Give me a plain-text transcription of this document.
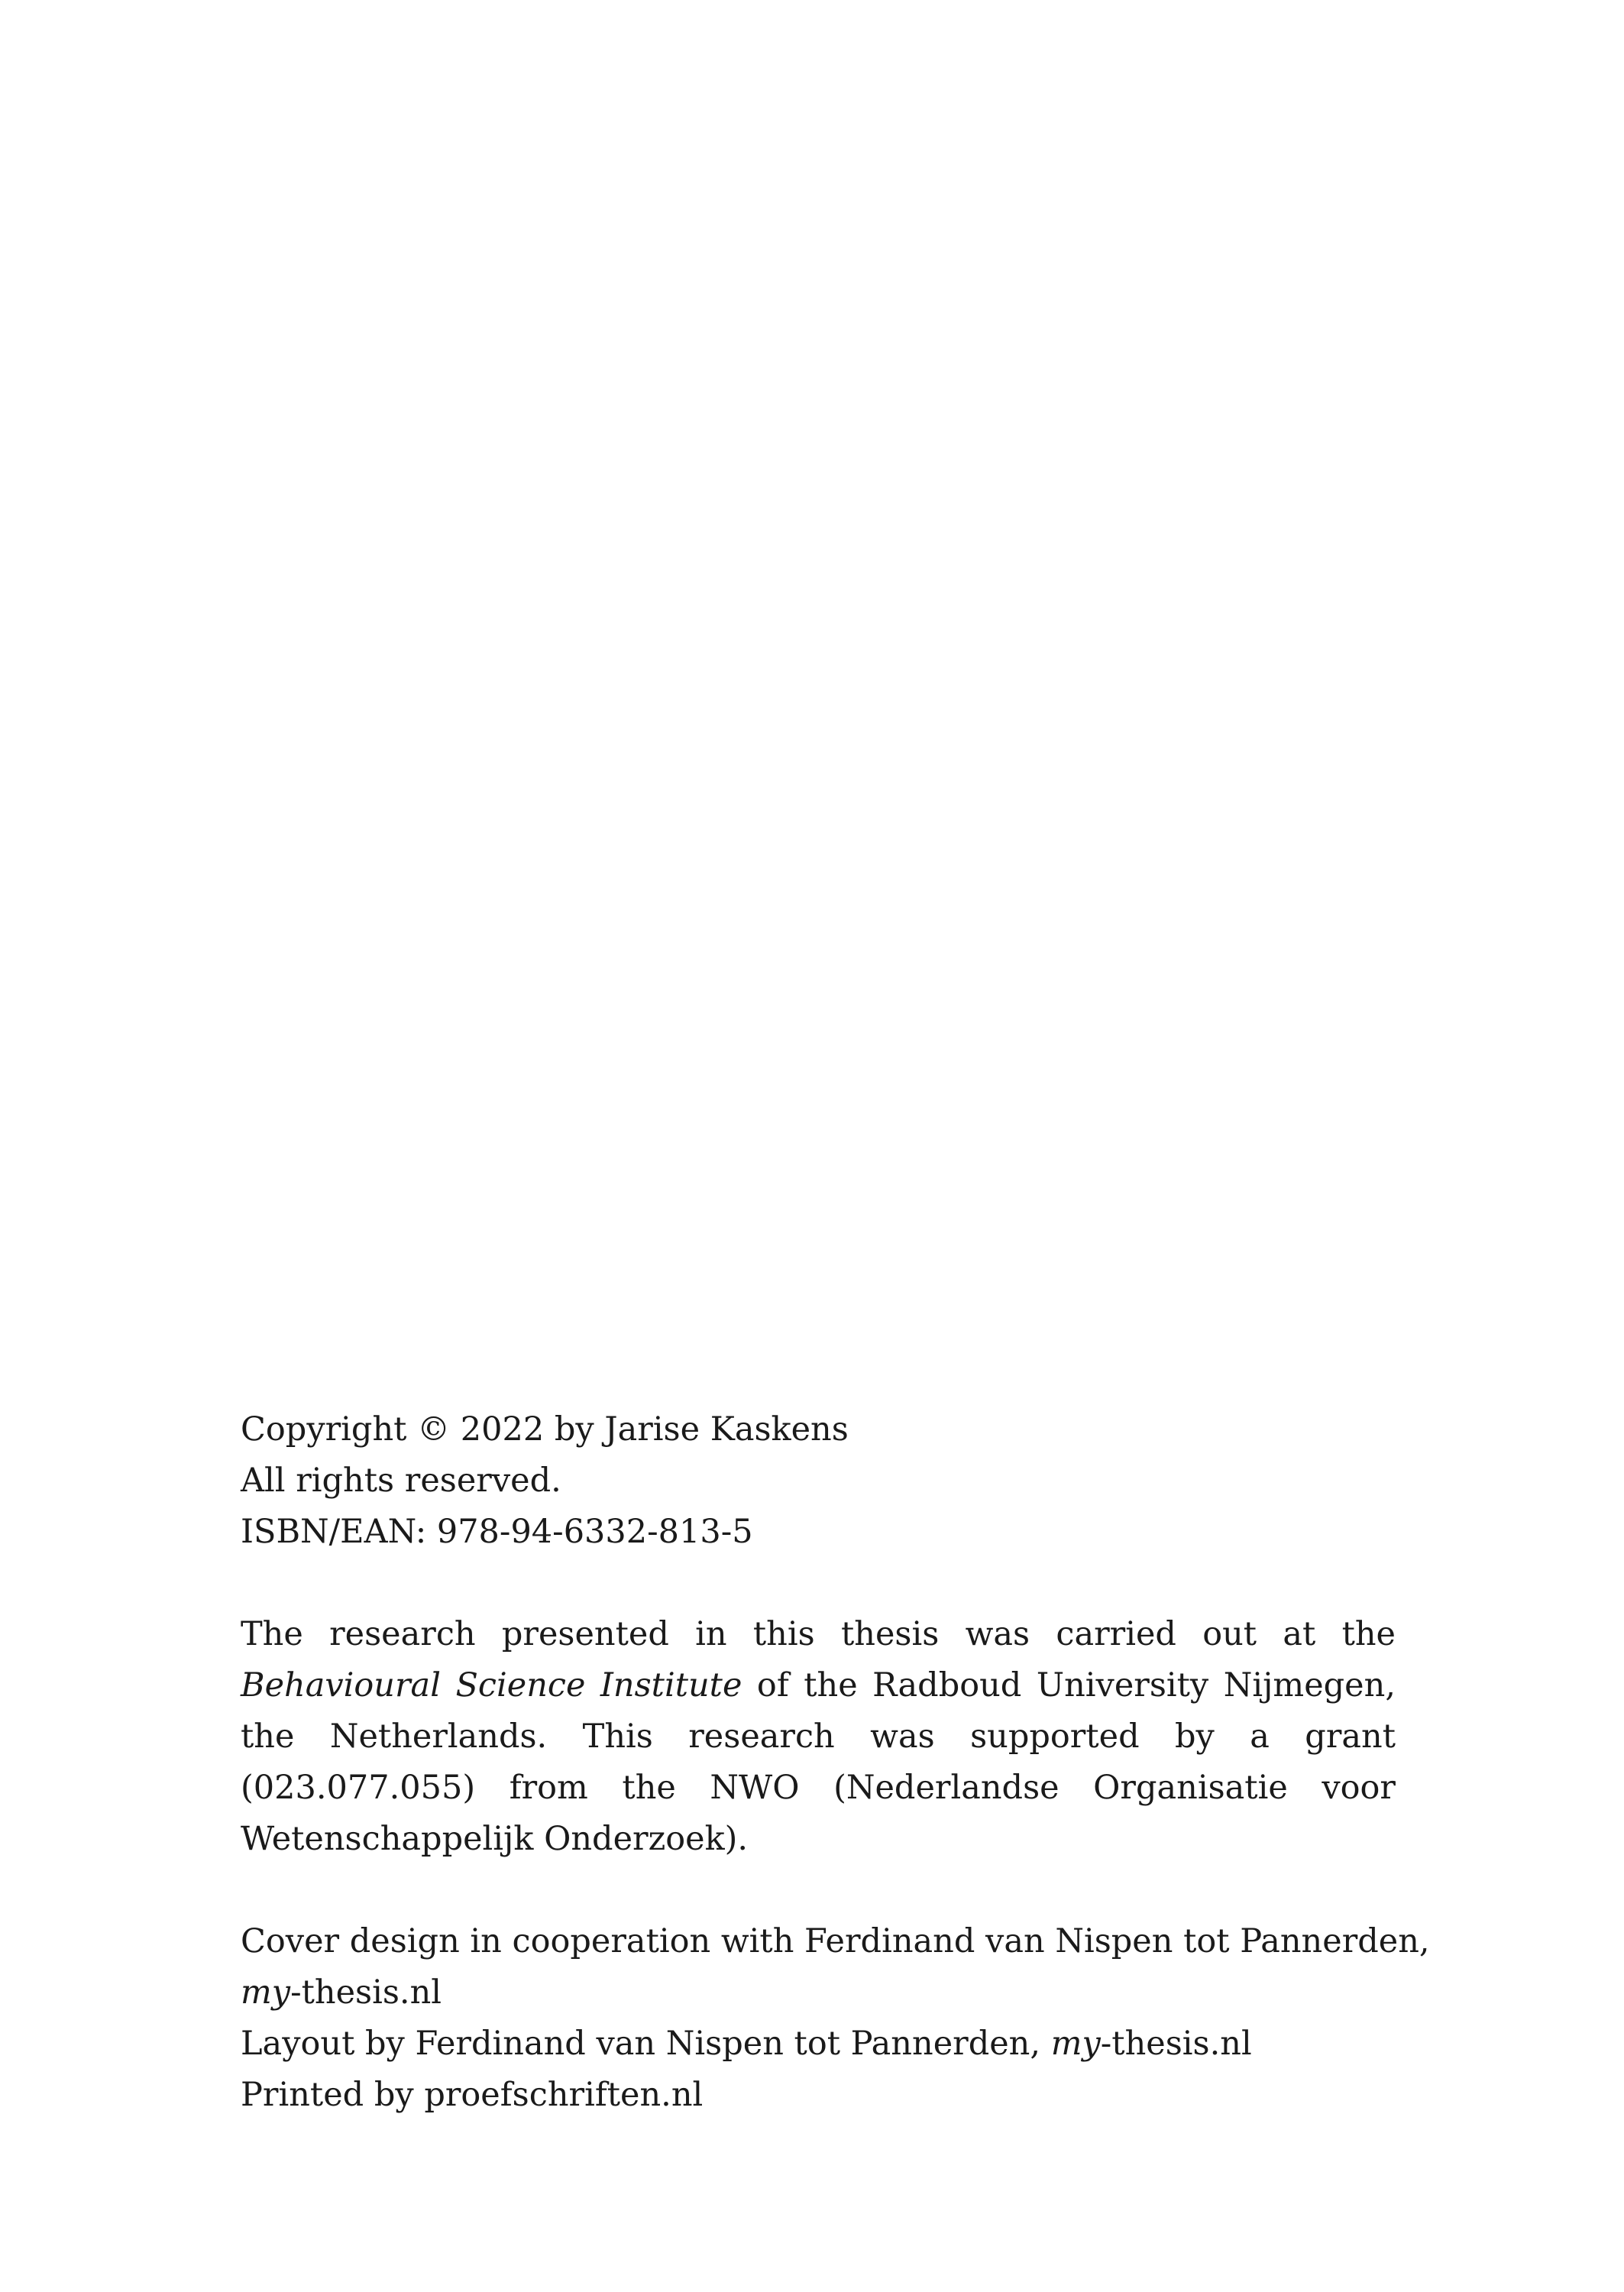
Copyright © 2022 by Jarise Kaskens
All rights reserved.
ISBN/EAN: 978-94-6332-813-5
The research presented in this thesis was carried out at the Behavioural Science Institute of the Radboud University Nijmegen, the Netherlands. This research was supported by a grant (023.077.055) from the NWO (Nederlandse Organisatie voor Wetenschappelijk Onderzoek).
Cover design in cooperation with Ferdinand van Nispen tot Pannerden,
my-thesis.nl
Layout by Ferdinand van Nispen tot Pannerden, my-thesis.nl
Printed by proefschriften.nl
